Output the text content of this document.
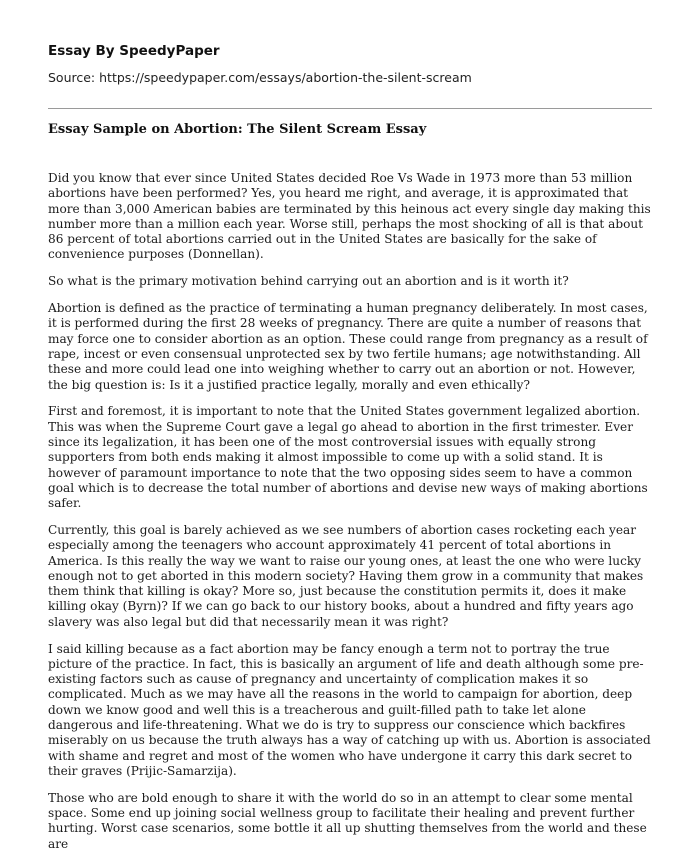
Essay By SpeedyPaper
Source: https://speedypaper.com/essays/abortion-the-silent-scream
Essay Sample on Abortion: The Silent Scream Essay

Did you know that ever since United States decided Roe Vs Wade in 1973 more than 53 million abortions have been performed? Yes, you heard me right, and average, it is approximated that more than 3,000 American babies are terminated by this heinous act every single day making this number more than a million each year. Worse still, perhaps the most shocking of all is that about 86 percent of total abortions carried out in the United States are basically for the sake of convenience purposes (Donnellan).

So what is the primary motivation behind carrying out an abortion and is it worth it?

Abortion is defined as the practice of terminating a human pregnancy deliberately. In most cases, it is performed during the first 28 weeks of pregnancy. There are quite a number of reasons that may force one to consider abortion as an option. These could range from pregnancy as a result of rape, incest or even consensual unprotected sex by two fertile humans; age notwithstanding. All these and more could lead one into weighing whether to carry out an abortion or not. However, the big question is: Is it a justified practice legally, morally and even ethically?

First and foremost, it is important to note that the United States government legalized abortion. This was when the Supreme Court gave a legal go ahead to abortion in the first trimester. Ever since its legalization, it has been one of the most controversial issues with equally strong supporters from both ends making it almost impossible to come up with a solid stand. It is however of paramount importance to note that the two opposing sides seem to have a common goal which is to decrease the total number of abortions and devise new ways of making abortions safer.

Currently, this goal is barely achieved as we see numbers of abortion cases rocketing each year especially among the teenagers who account approximately 41 percent of total abortions in America. Is this really the way we want to raise our young ones, at least the one who were lucky enough not to get aborted in this modern society? Having them grow in a community that makes them think that killing is okay? More so, just because the constitution permits it, does it make killing okay (Byrn)? If we can go back to our history books, about a hundred and fifty years ago slavery was also legal but did that necessarily mean it was right?

I said killing because as a fact abortion may be fancy enough a term not to portray the true picture of the practice. In fact, this is basically an argument of life and death although some pre-existing factors such as cause of pregnancy and uncertainty of complication makes it so complicated. Much as we may have all the reasons in the world to campaign for abortion, deep down we know good and well this is a treacherous and guilt-filled path to take let alone dangerous and life-threatening. What we do is try to suppress our conscience which backfires miserably on us because the truth always has a way of catching up with us. Abortion is associated with shame and regret and most of the women who have undergone it carry this dark secret to their graves (Prijic-Samarzija).

Those who are bold enough to share it with the world do so in an attempt to clear some mental space. Some end up joining social wellness group to facilitate their healing and prevent further hurting. Worst case scenarios, some bottle it all up shutting themselves from the world and these are
